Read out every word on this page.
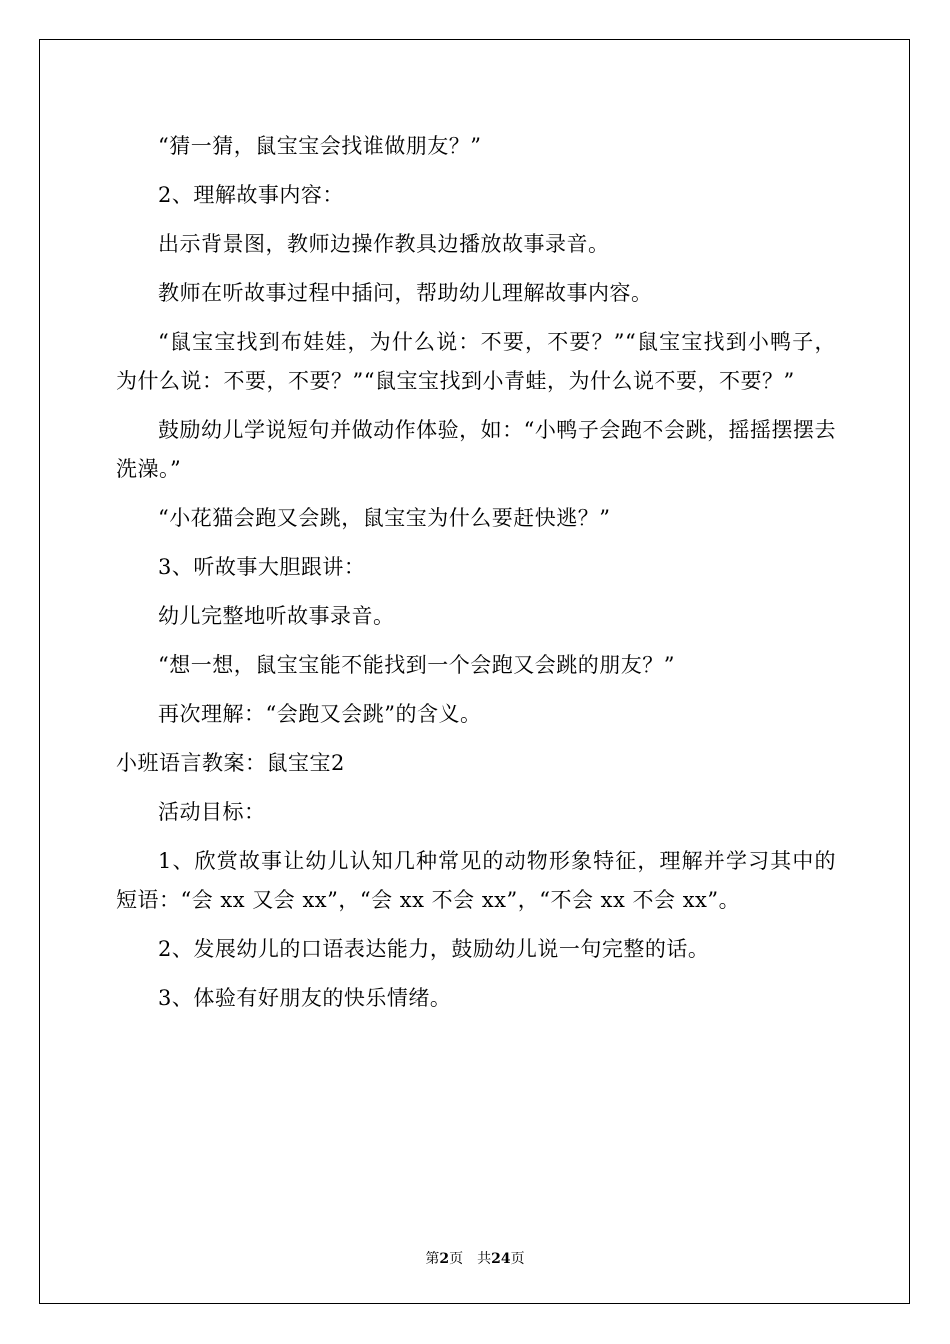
“猜一猜，鼠宝宝会找谁做朋友？”

2、理解故事内容：

出示背景图，教师边操作教具边播放故事录音。

教师在听故事过程中插问，帮助幼儿理解故事内容。

“鼠宝宝找到布娃娃，为什么说：不要，不要？”“鼠宝宝找到小鸭子，为什么说：不要，不要？”“鼠宝宝找到小青蛙，为什么说不要，不要？”

鼓励幼儿学说短句并做动作体验，如：“小鸭子会跑不会跳，摇摇摆摆去洗澡。”

“小花猫会跑又会跳，鼠宝宝为什么要赶快逃？”

3、听故事大胆跟讲：

幼儿完整地听故事录音。

“想一想，鼠宝宝能不能找到一个会跑又会跳的朋友？”

再次理解：“会跑又会跳”的含义。

小班语言教案：鼠宝宝2

活动目标：

1、欣赏故事让幼儿认知几种常见的动物形象特征，理解并学习其中的短语：“会 xx 又会 xx”，“会 xx 不会 xx”，“不会 xx 不会 xx”。

2、发展幼儿的口语表达能力，鼓励幼儿说一句完整的话。

3、体验有好朋友的快乐情绪。

第2页 共24页
